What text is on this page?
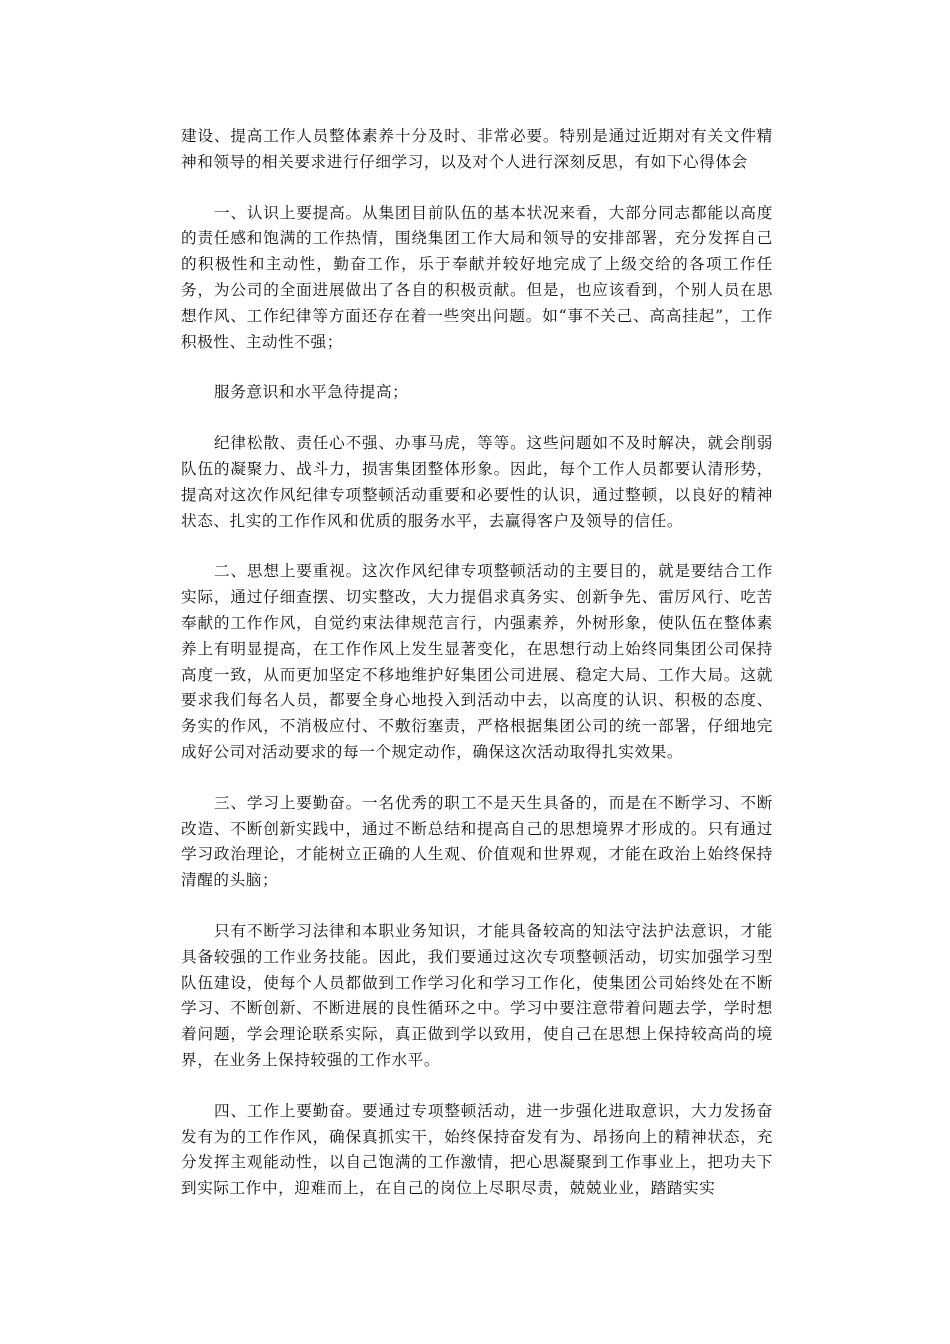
建设、提高工作人员整体素养十分及时、非常必要。特别是通过近期对有关文件精神和领导的相关要求进行仔细学习，以及对个人进行深刻反思，有如下心得体会

一、认识上要提高。从集团目前队伍的基本状况来看，大部分同志都能以高度的责任感和饱满的工作热情，围绕集团工作大局和领导的安排部署，充分发挥自己的积极性和主动性，勤奋工作，乐于奉献并较好地完成了上级交给的各项工作任务，为公司的全面进展做出了各自的积极贡献。但是，也应该看到，个别人员在思想作风、工作纪律等方面还存在着一些突出问题。如“事不关己、高高挂起”，工作积极性、主动性不强；

服务意识和水平急待提高；

纪律松散、责任心不强、办事马虎，等等。这些问题如不及时解决，就会削弱队伍的凝聚力、战斗力，损害集团整体形象。因此，每个工作人员都要认清形势，提高对这次作风纪律专项整顿活动重要和必要性的认识，通过整顿，以良好的精神状态、扎实的工作作风和优质的服务水平，去赢得客户及领导的信任。

二、思想上要重视。这次作风纪律专项整顿活动的主要目的，就是要结合工作实际，通过仔细查摆、切实整改，大力提倡求真务实、创新争先、雷厉风行、吃苦奉献的工作作风，自觉约束法律规范言行，内强素养，外树形象，使队伍在整体素养上有明显提高，在工作作风上发生显著变化，在思想行动上始终同集团公司保持高度一致，从而更加坚定不移地维护好集团公司进展、稳定大局、工作大局。这就要求我们每名人员，都要全身心地投入到活动中去，以高度的认识、积极的态度、务实的作风，不消极应付、不敷衍塞责，严格根据集团公司的统一部署，仔细地完成好公司对活动要求的每一个规定动作，确保这次活动取得扎实效果。

三、学习上要勤奋。一名优秀的职工不是天生具备的，而是在不断学习、不断改造、不断创新实践中，通过不断总结和提高自己的思想境界才形成的。只有通过学习政治理论，才能树立正确的人生观、价值观和世界观，才能在政治上始终保持清醒的头脑；

只有不断学习法律和本职业务知识，才能具备较高的知法守法护法意识，才能具备较强的工作业务技能。因此，我们要通过这次专项整顿活动，切实加强学习型队伍建设，使每个人员都做到工作学习化和学习工作化，使集团公司始终处在不断学习、不断创新、不断进展的良性循环之中。学习中要注意带着问题去学，学时想着问题，学会理论联系实际，真正做到学以致用，使自己在思想上保持较高尚的境界，在业务上保持较强的工作水平。

四、工作上要勤奋。要通过专项整顿活动，进一步强化进取意识，大力发扬奋发有为的工作作风，确保真抓实干，始终保持奋发有为、昂扬向上的精神状态，充分发挥主观能动性，以自己饱满的工作激情，把心思凝聚到工作事业上，把功夫下到实际工作中，迎难而上，在自己的岗位上尽职尽责，兢兢业业，踏踏实实
